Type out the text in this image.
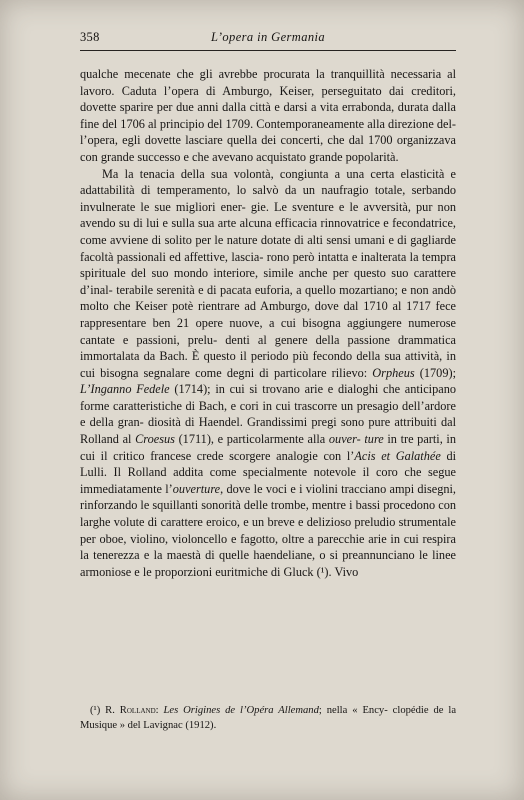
358	L’opera in Germania

qualche mecenate che gli avrebbe procurata la tranquillità necessaria al lavoro. Caduta l’opera di Amburgo, Keiser, perseguitato dai creditori, dovette sparire per due anni dalla città e darsi a vita errabonda, durata dalla fine del 1706 al principio del 1709. Contemporaneamente alla direzione del- l’opera, egli dovette lasciare quella dei concerti, che dal 1700 organizzava con grande successo e che avevano acquistato grande popolarità.

Ma la tenacia della sua volontà, congiunta a una certa elasticità e adattabilità di temperamento, lo salvò da un naufragio totale, serbando invulnerate le sue migliori ener- gie. Le sventure e le avversità, pur non avendo su di lui e sulla sua arte alcuna efficacia rinnovatrice e fecondatrice, come avviene di solito per le nature dotate di alti sensi umani e di gagliarde facoltà passionali ed affettive, lascia- rono però intatta e inalterata la tempra spirituale del suo mondo interiore, simile anche per questo suo carattere d’inal- terabile serenità e di pacata euforia, a quello mozartiano; e non andò molto che Keiser potè rientrare ad Amburgo, dove dal 1710 al 1717 fece rappresentare ben 21 opere nuove, a cui bisogna aggiungere numerose cantate e passioni, prelu- denti al genere della passione drammatica immortalata da Bach. È questo il periodo più fecondo della sua attività, in cui bisogna segnalare come degni di particolare rilievo: Orpheus (1709); L’Inganno Fedele (1714); in cui si trovano arie e dialoghi che anticipano forme caratteristiche di Bach, e cori in cui trascorre un presagio dell’ardore e della gran- diosità di Haendel. Grandissimi pregi sono pure attribuiti dal Rolland al Croesus (1711), e particolarmente alla ouver- ture in tre parti, in cui il critico francese crede scorgere analogie con l’Acis et Galathée di Lulli. Il Rolland addita come specialmente notevole il coro che segue immediatamente l’ouverture, dove le voci e i violini tracciano ampi disegni, rinforzando le squillanti sonorità delle trombe, mentre i bassi procedono con larghe volute di carattere eroico, e un breve e delizioso preludio strumentale per oboe, violino, violoncello e fagotto, oltre a parecchie arie in cui respira la tenerezza e la maestà di quelle haendeliane, o si preannunciano le linee armoniose e le proporzioni euritmiche di Gluck (¹). Vivo

(¹) R. Rolland: Les Origines de l’Opéra Allemand; nella « Ency- clopédie de la Musique » del Lavignac (1912).
